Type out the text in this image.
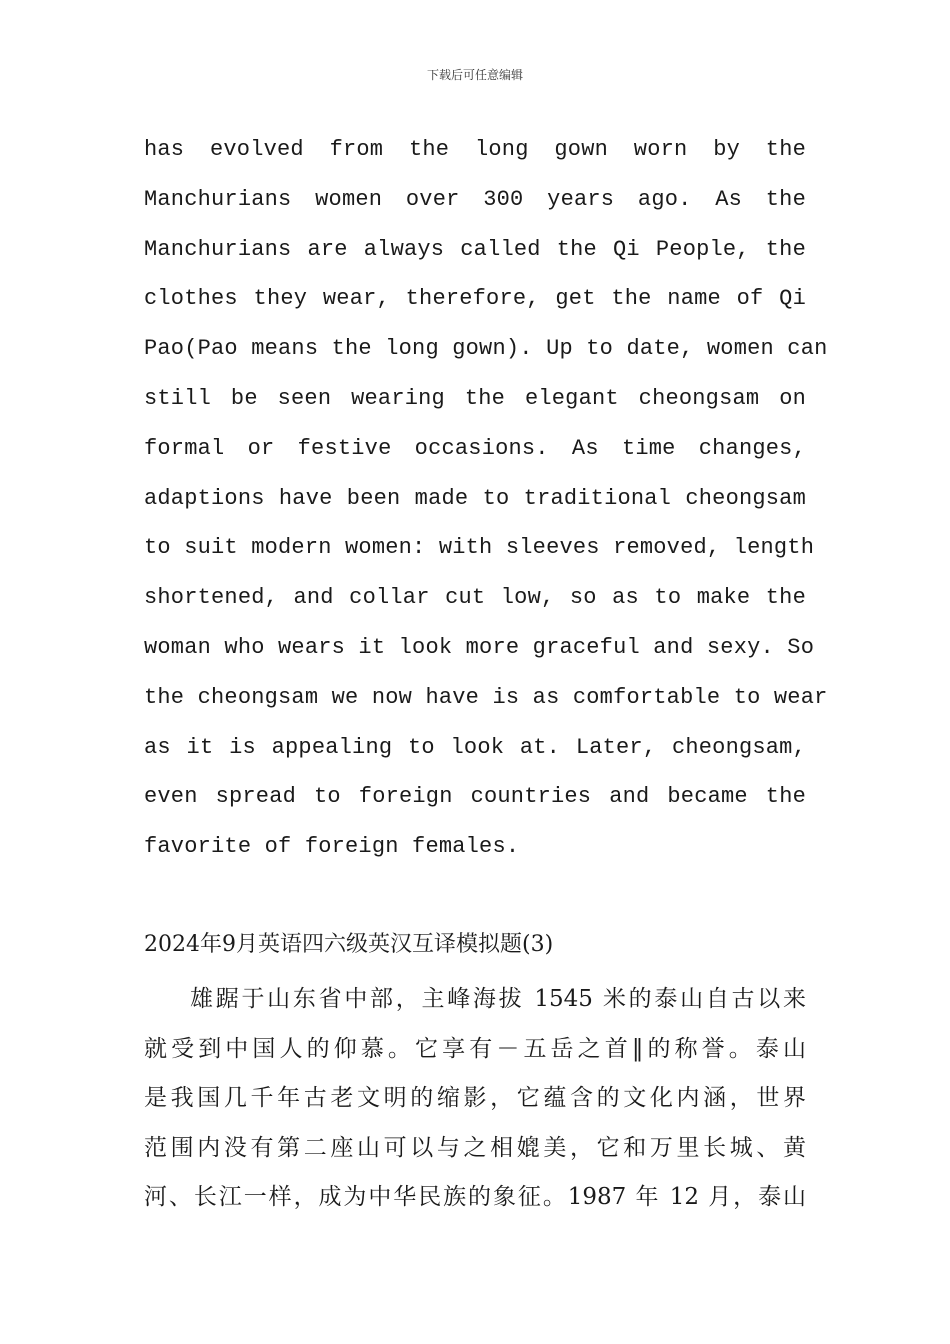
下载后可任意编辑
has evolved from the long gown worn by the
Manchurians women over 300 years ago. As the
Manchurians are always called the Qi People, the
clothes they wear, therefore, get the name of Qi
Pao(Pao means the long gown). Up to date, women can
still be seen wearing the elegant cheongsam on
formal or festive occasions. As time changes,
adaptions have been made to traditional cheongsam
to suit modern women: with sleeves removed, length
shortened, and collar cut low, so as to make the
woman who wears it look more graceful and sexy. So
the cheongsam we now have is as comfortable to wear
as it is appealing to look at. Later, cheongsam,
even spread to foreign countries and became the
favorite of foreign females.
2024年9月英语四六级英汉互译模拟题(3)
雄踞于山东省中部，主峰海拔 1545 米的泰山自古以来
就受到中国人的仰慕。它享有－五岳之首‖的称誉。泰山
是我国几千年古老文明的缩影，它蕴含的文化内涵，世界
范围内没有第二座山可以与之相媲美，它和万里长城、黄
河、长江一样，成为中华民族的象征。1987 年 12 月，泰山
